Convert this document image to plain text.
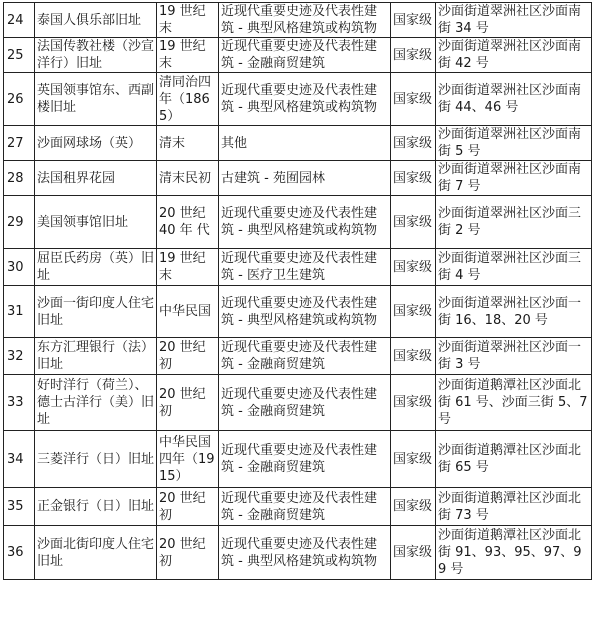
24	泰国人俱乐部旧址	19 世纪末	近现代重要史迹及代表性建筑 - 典型风格建筑或构筑物	国家级	沙面街道翠洲社区沙面南街 34 号
25	法国传教社楼（沙宣洋行）旧址	19 世纪末	近现代重要史迹及代表性建筑 - 金融商贸建筑	国家级	沙面街道翠洲社区沙面南街 42 号
26	英国领事馆东、西副楼旧址	清同治四年（1865）	近现代重要史迹及代表性建筑 - 典型风格建筑或构筑物	国家级	沙面街道翠洲社区沙面南街 44、46 号
27	沙面网球场（英）	清末	其他	国家级	沙面街道翠洲社区沙面南街 5 号
28	法国租界花园	清末民初	古建筑 - 苑囿园林	国家级	沙面街道翠洲社区沙面南街 7 号
29	美国领事馆旧址	20 世纪 40 年 代	近现代重要史迹及代表性建筑 - 典型风格建筑或构筑物	国家级	沙面街道翠洲社区沙面三街 2 号
30	屈臣氏药房（英）旧址	19 世纪末	近现代重要史迹及代表性建筑 - 医疗卫生建筑	国家级	沙面街道翠洲社区沙面三街 4 号
31	沙面一街印度人住宅旧址	中华民国	近现代重要史迹及代表性建筑 - 典型风格建筑或构筑物	国家级	沙面街道翠洲社区沙面一街 16、18、20 号
32	东方汇理银行（法）旧址	20 世纪初	近现代重要史迹及代表性建筑 - 金融商贸建筑	国家级	沙面街道翠洲社区沙面一街 3 号
33	好时洋行（荷兰）、德士古洋行（美）旧址	20 世纪初	近现代重要史迹及代表性建筑 - 金融商贸建筑	国家级	沙面街道鹅潭社区沙面北街 61 号、沙面三街 5、7 号
34	三菱洋行（日）旧址	中华民国四年（1915）	近现代重要史迹及代表性建筑 - 金融商贸建筑	国家级	沙面街道鹅潭社区沙面北街 65 号
35	正金银行（日）旧址	20 世纪初	近现代重要史迹及代表性建筑 - 金融商贸建筑	国家级	沙面街道鹅潭社区沙面北街 73 号
36	沙面北街印度人住宅旧址	20 世纪初	近现代重要史迹及代表性建筑 - 典型风格建筑或构筑物	国家级	沙面街道鹅潭社区沙面北街 91、93、95、97、99 号
